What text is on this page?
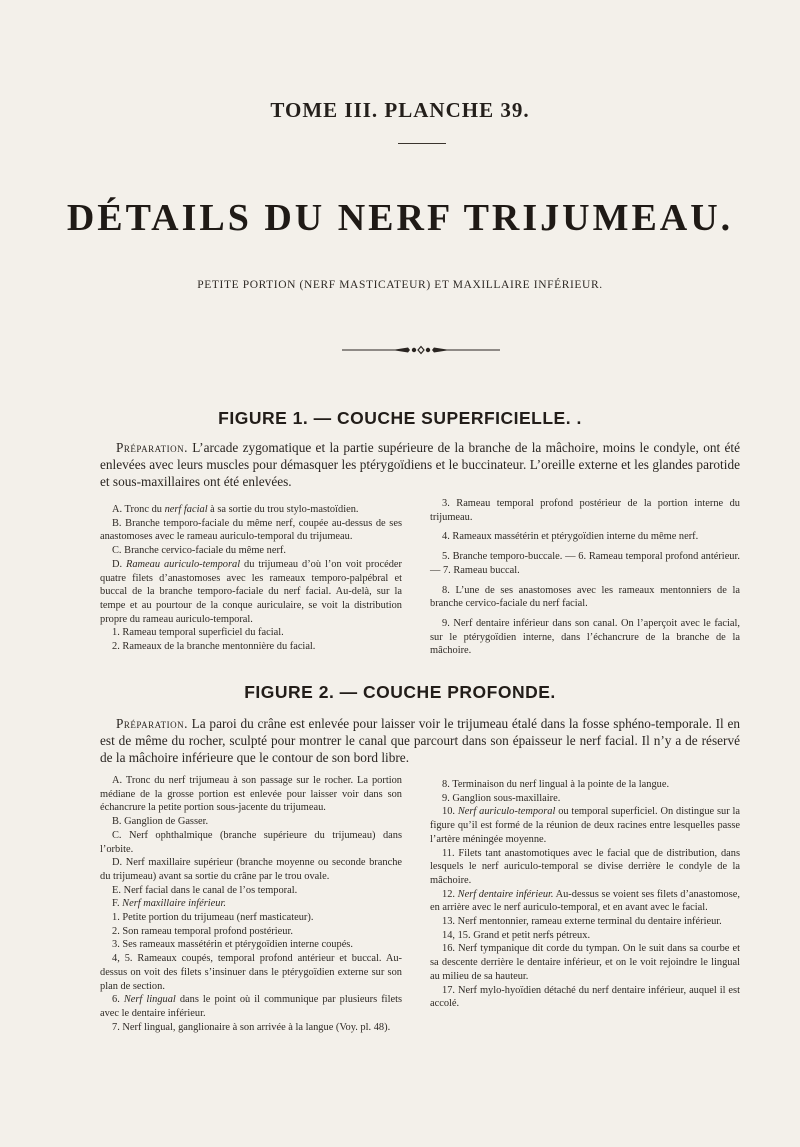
TOME III. PLANCHE 39.
DÉTAILS DU NERF TRIJUMEAU.
PETITE PORTION (NERF MASTICATEUR) ET MAXILLAIRE INFÉRIEUR.
FIGURE 1. — COUCHE SUPERFICIELLE. .
Préparation. L’arcade zygomatique et la partie supérieure de la branche de la mâchoire, moins le condyle, ont été enlevées avec leurs muscles pour démasquer les ptérygoïdiens et le buccinateur. L’oreille externe et les glandes parotide et sous-maxillaires ont été enlevées.

A. Tronc du nerf facial à sa sortie du trou stylo-mastoïdien.

B. Branche temporo-faciale du même nerf, coupée au-dessus de ses anastomoses avec le rameau auriculo-temporal du trijumeau.

C. Branche cervico-faciale du même nerf.

D. Rameau auriculo-temporal du trijumeau d’où l’on voit procéder quatre filets d’anastomoses avec les rameaux temporo-palpébral et buccal de la branche temporo-faciale du nerf facial. Au-delà, sur la tempe et au pourtour de la conque auriculaire, se voit la distribution propre du rameau auriculo-temporal.

1. Rameau temporal superficiel du facial.

2. Rameaux de la branche mentonnière du facial.

3. Rameau temporal profond postérieur de la portion interne du trijumeau.

4. Rameaux massétérin et ptérygoïdien interne du même nerf.

5. Branche temporo-buccale. — 6. Rameau temporal profond antérieur. — 7. Rameau buccal.

8. L’une de ses anastomoses avec les rameaux mentonniers de la branche cervico-faciale du nerf facial.

9. Nerf dentaire inférieur dans son canal. On l’aperçoit avec le facial, sur le ptérygoïdien interne, dans l’échancrure de la branche de la mâchoire.

FIGURE 2. — COUCHE PROFONDE.
Préparation. La paroi du crâne est enlevée pour laisser voir le trijumeau étalé dans la fosse sphéno-temporale. Il en est de même du rocher, sculpté pour montrer le canal que parcourt dans son épaisseur le nerf facial. Il n’y a de réservé de la mâchoire inférieure que le contour de son bord libre.

A. Tronc du nerf trijumeau à son passage sur le rocher. La portion médiane de la grosse portion est enlevée pour laisser voir dans son échancrure la petite portion sous-jacente du trijumeau.

B. Ganglion de Gasser.

C. Nerf ophthalmique (branche supérieure du trijumeau) dans l’orbite.

D. Nerf maxillaire supérieur (branche moyenne ou seconde branche du trijumeau) avant sa sortie du crâne par le trou ovale.

E. Nerf facial dans le canal de l’os temporal.

F. Nerf maxillaire inférieur.

1. Petite portion du trijumeau (nerf masticateur).

2. Son rameau temporal profond postérieur.

3. Ses rameaux massétérin et ptérygoïdien interne coupés.

4, 5. Rameaux coupés, temporal profond antérieur et buccal. Au-dessus on voit des filets s’insinuer dans le ptérygoïdien externe sur son plan de section.

6. Nerf lingual dans le point où il communique par plusieurs filets avec le dentaire inférieur.

7. Nerf lingual, ganglionaire à son arrivée à la langue (Voy. pl. 48).

8. Terminaison du nerf lingual à la pointe de la langue.

9. Ganglion sous-maxillaire.

10. Nerf auriculo-temporal ou temporal superficiel. On distingue sur la figure qu’il est formé de la réunion de deux racines entre lesquelles passe l’artère méningée moyenne.

11. Filets tant anastomotiques avec le facial que de distribution, dans lesquels le nerf auriculo-temporal se divise derrière le condyle de la mâchoire.

12. Nerf dentaire inférieur. Au-dessus se voient ses filets d’anastomose, en arrière avec le nerf auriculo-temporal, et en avant avec le facial.

13. Nerf mentonnier, rameau externe terminal du dentaire inférieur.

14, 15. Grand et petit nerfs pétreux.

16. Nerf tympanique dit corde du tympan. On le suit dans sa courbe et sa descente derrière le dentaire inférieur, et on le voit rejoindre le lingual au milieu de sa hauteur.

17. Nerf mylo-hyoïdien détaché du nerf dentaire inférieur, auquel il est accolé.
